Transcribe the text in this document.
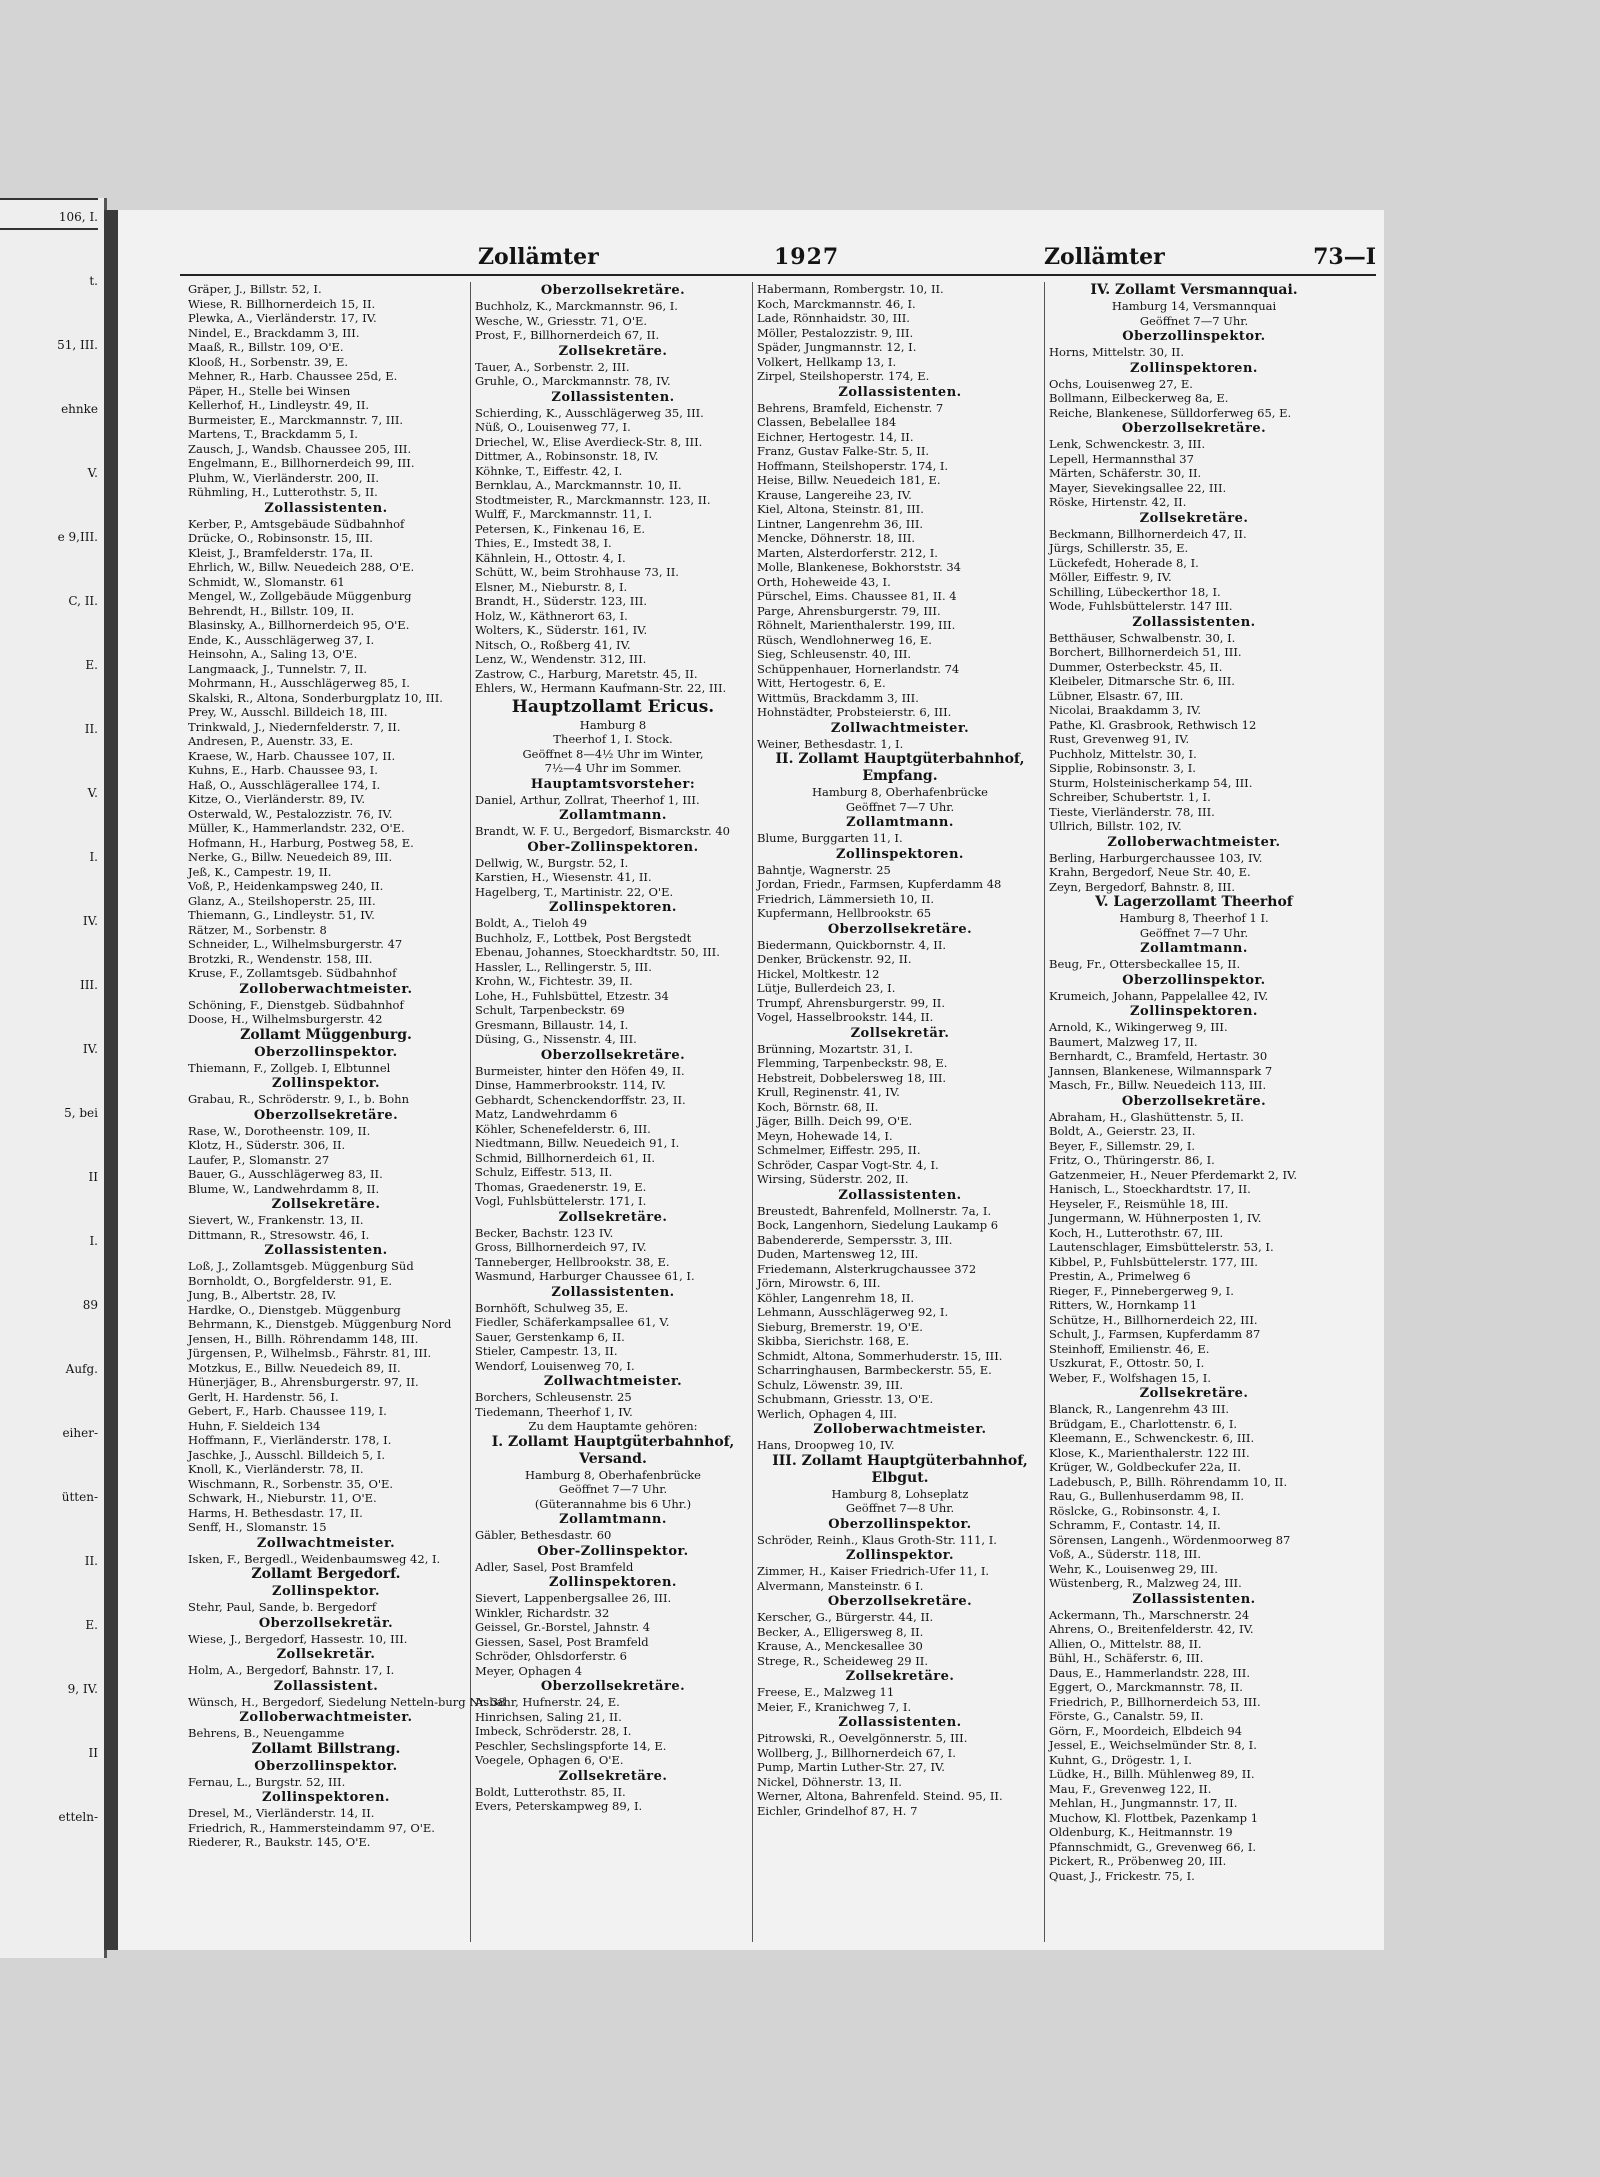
106, I.
t.
51, III.
ehnke
V.
e 9,III.
C, II.
E.
II.
V.
I.
IV.
III.
IV.
5, bei
II
I.
89
Aufg.
eiher-
ütten-
II.
E.
9, IV.
II
etteln-
Zollämter	1927	Zollämter	73—I
Gräper, J., Billstr. 52, I.
Wiese, R. Billhornerdeich 15, II.
Plewka, A., Vierländerstr. 17, IV.
Nindel, E., Brackdamm 3, III.
Maaß, R., Billstr. 109, O'E.
Klooß, H., Sorbenstr. 39, E.
Mehner, R., Harb. Chaussee 25d, E.
Päper, H., Stelle bei Winsen
Kellerhof, H., Lindleystr. 49, II.
Burmeister, E., Marckmannstr. 7, III.
Martens, T., Brackdamm 5, I.
Zausch, J., Wandsb. Chaussee 205, III.
Engelmann, E., Billhornerdeich 99, III.
Pluhm, W., Vierländerstr. 200, II.
Rühmling, H., Lutterothstr. 5, II.
Zollassistenten.
Kerber, P., Amtsgebäude Südbahnhof
Drücke, O., Robinsonstr. 15, III.
Kleist, J., Bramfelderstr. 17a, II.
Ehrlich, W., Billw. Neuedeich 288, O'E.
Schmidt, W., Slomanstr. 61
Mengel, W., Zollgebäude Müggenburg
Behrendt, H., Billstr. 109, II.
Blasinsky, A., Billhornerdeich 95, O'E.
Ende, K., Ausschlägerweg 37, I.
Heinsohn, A., Saling 13, O'E.
Langmaack, J., Tunnelstr. 7, II.
Mohrmann, H., Ausschlägerweg 85, I.
Skalski, R., Altona, Sonderburgplatz 10, III.
Prey, W., Ausschl. Billdeich 18, III.
Trinkwald, J., Niedernfelderstr. 7, II.
Andresen, P., Auenstr. 33, E.
Kraese, W., Harb. Chaussee 107, II.
Kuhns, E., Harb. Chaussee 93, I.
Haß, O., Ausschlägerallee 174, I.
Kitze, O., Vierländerstr. 89, IV.
Osterwald, W., Pestalozzistr. 76, IV.
Müller, K., Hammerlandstr. 232, O'E.
Hofmann, H., Harburg, Postweg 58, E.
Nerke, G., Billw. Neuedeich 89, III.
Jeß, K., Campestr. 19, II.
Voß, P., Heidenkampsweg 240, II.
Glanz, A., Steilshoperstr. 25, III.
Thiemann, G., Lindleystr. 51, IV.
Rätzer, M., Sorbenstr. 8
Schneider, L., Wilhelmsburgerstr. 47
Brotzki, R., Wendenstr. 158, III.
Kruse, F., Zollamtsgeb. Südbahnhof
Zolloberwachtmeister.
Schöning, F., Dienstgeb. Südbahnhof
Doose, H., Wilhelmsburgerstr. 42
Zollamt Müggenburg.
Oberzollinspektor.
Thiemann, F., Zollgeb. I, Elbtunnel
Zollinspektor.
Grabau, R., Schröderstr. 9, I., b. Bohn
Oberzollsekretäre.
Rase, W., Dorotheenstr. 109, II.
Klotz, H., Süderstr. 306, II.
Laufer, P., Slomanstr. 27
Bauer, G., Ausschlägerweg 83, II.
Blume, W., Landwehrdamm 8, II.
Zollsekretäre.
Sievert, W., Frankenstr. 13, II.
Dittmann, R., Stresowstr. 46, I.
Zollassistenten.
Loß, J., Zollamtsgeb. Müggenburg Süd
Bornholdt, O., Borgfelderstr. 91, E.
Jung, B., Albertstr. 28, IV.
Hardke, O., Dienstgeb. Müggenburg
Behrmann, K., Dienstgeb. Müggenburg Nord
Jensen, H., Billh. Röhrendamm 148, III.
Jürgensen, P., Wilhelmsb., Fährstr. 81, III.
Motzkus, E., Billw. Neuedeich 89, II.
Hünerjäger, B., Ahrensburgerstr. 97, II.
Gerlt, H. Hardenstr. 56, I.
Gebert, F., Harb. Chaussee 119, I.
Huhn, F. Sieldeich 134
Hoffmann, F., Vierländerstr. 178, I.
Jaschke, J., Ausschl. Billdeich 5, I.
Knoll, K., Vierländerstr. 78, II.
Wischmann, R., Sorbenstr. 35, O'E.
Schwark, H., Nieburstr. 11, O'E.
Harms, H. Bethesdastr. 17, II.
Senff, H., Slomanstr. 15
Zollwachtmeister.
Isken, F., Bergedl., Weidenbaumsweg 42, I.
Zollamt Bergedorf.
Zollinspektor.
Stehr, Paul, Sande, b. Bergedorf
Oberzollsekretär.
Wiese, J., Bergedorf, Hassestr. 10, III.
Zollsekretär.
Holm, A., Bergedorf, Bahnstr. 17, I.
Zollassistent.
Wünsch, H., Bergedorf, Siedelung Netteln-burg Nr. 38
Zolloberwachtmeister.
Behrens, B., Neuengamme
Zollamt Billstrang.
Oberzollinspektor.
Fernau, L., Burgstr. 52, III.
Zollinspektoren.
Dresel, M., Vierländerstr. 14, II.
Friedrich, R., Hammersteindamm 97, O'E.
Riederer, R., Baukstr. 145, O'E.
Oberzollsekretäre.
Buchholz, K., Marckmannstr. 96, I.
Wesche, W., Griesstr. 71, O'E.
Prost, F., Billhornerdeich 67, II.
Zollsekretäre.
Tauer, A., Sorbenstr. 2, III.
Gruhle, O., Marckmannstr. 78, IV.
Zollassistenten.
Schierding, K., Ausschlägerweg 35, III.
Nüß, O., Louisenweg 77, I.
Driechel, W., Elise Averdieck-Str. 8, III.
Dittmer, A., Robinsonstr. 18, IV.
Köhnke, T., Eiffestr. 42, I.
Bernklau, A., Marckmannstr. 10, II.
Stodtmeister, R., Marckmannstr. 123, II.
Wulff, F., Marckmannstr. 11, I.
Petersen, K., Finkenau 16, E.
Thies, E., Imstedt 38, I.
Kähnlein, H., Ottostr. 4, I.
Schütt, W., beim Strohhause 73, II.
Elsner, M., Nieburstr. 8, I.
Brandt, H., Süderstr. 123, III.
Holz, W., Käthnerort 63, I.
Wolters, K., Süderstr. 161, IV.
Nitsch, O., Roßberg 41, IV.
Lenz, W., Wendenstr. 312, III.
Zastrow, C., Harburg, Maretstr. 45, II.
Ehlers, W., Hermann Kaufmann-Str. 22, III.
Hauptzollamt Ericus.
Hamburg 8
Theerhof 1, I. Stock.
Geöffnet 8—4½ Uhr im Winter,
7½—4 Uhr im Sommer.
Hauptamtsvorsteher:
Daniel, Arthur, Zollrat, Theerhof 1, III.
Zollamtmann.
Brandt, W. F. U., Bergedorf, Bismarckstr. 40
Ober-Zollinspektoren.
Dellwig, W., Burgstr. 52, I.
Karstien, H., Wiesenstr. 41, II.
Hagelberg, T., Martinistr. 22, O'E.
Zollinspektoren.
Boldt, A., Tieloh 49
Buchholz, F., Lottbek, Post Bergstedt
Ebenau, Johannes, Stoeckhardtstr. 50, III.
Hassler, L., Rellingerstr. 5, III.
Krohn, W., Fichtestr. 39, II.
Lohe, H., Fuhlsbüttel, Etzestr. 34
Schult, Tarpenbeckstr. 69
Gresmann, Billaustr. 14, I.
Düsing, G., Nissenstr. 4, III.
Oberzollsekretäre.
Burmeister, hinter den Höfen 49, II.
Dinse, Hammerbrookstr. 114, IV.
Gebhardt, Schenckendorffstr. 23, II.
Matz, Landwehrdamm 6
Köhler, Schenefelderstr. 6, III.
Niedtmann, Billw. Neuedeich 91, I.
Schmid, Billhornerdeich 61, II.
Schulz, Eiffestr. 513, II.
Thomas, Graedenerstr. 19, E.
Vogl, Fuhlsbüttelerstr. 171, I.
Zollsekretäre.
Becker, Bachstr. 123 IV.
Gross, Billhornerdeich 97, IV.
Tanneberger, Hellbrookstr. 38, E.
Wasmund, Harburger Chaussee 61, I.
Zollassistenten.
Bornhöft, Schulweg 35, E.
Fiedler, Schäferkampsallee 61, V.
Sauer, Gerstenkamp 6, II.
Stieler, Campestr. 13, II.
Wendorf, Louisenweg 70, I.
Zollwachtmeister.
Borchers, Schleusenstr. 25
Tiedemann, Theerhof 1, IV.
Zu dem Hauptamte gehören:
I. Zollamt Hauptgüterbahnhof, Versand.
Hamburg 8, Oberhafenbrücke
Geöffnet 7—7 Uhr.
(Güterannahme bis 6 Uhr.)
Zollamtmann.
Gäbler, Bethesdastr. 60
Ober-Zollinspektor.
Adler, Sasel, Post Bramfeld
Zollinspektoren.
Sievert, Lappenbergsallee 26, III.
Winkler, Richardstr. 32
Geissel, Gr.-Borstel, Jahnstr. 4
Giessen, Sasel, Post Bramfeld
Schröder, Ohlsdorferstr. 6
Meyer, Ophagen 4
Oberzollsekretäre.
Asbahr, Hufnerstr. 24, E.
Hinrichsen, Saling 21, II.
Imbeck, Schröderstr. 28, I.
Peschler, Sechslingspforte 14, E.
Voegele, Ophagen 6, O'E.
Zollsekretäre.
Boldt, Lutterothstr. 85, II.
Evers, Peterskampweg 89, I.
Habermann, Rombergstr. 10, II.
Koch, Marckmannstr. 46, I.
Lade, Rönnhaidstr. 30, III.
Möller, Pestalozzistr. 9, III.
Späder, Jungmannstr. 12, I.
Volkert, Hellkamp 13, I.
Zirpel, Steilshoperstr. 174, E.
Zollassistenten.
Behrens, Bramfeld, Eichenstr. 7
Classen, Bebelallee 184
Eichner, Hertogestr. 14, II.
Franz, Gustav Falke-Str. 5, II.
Hoffmann, Steilshoperstr. 174, I.
Heise, Billw. Neuedeich 181, E.
Krause, Langereihe 23, IV.
Kiel, Altona, Steinstr. 81, III.
Lintner, Langenrehm 36, III.
Mencke, Döhnerstr. 18, III.
Marten, Alsterdorferstr. 212, I.
Molle, Blankenese, Bokhorststr. 34
Orth, Hoheweide 43, I.
Pürschel, Eims. Chaussee 81, II. 4
Parge, Ahrensburgerstr. 79, III.
Röhnelt, Marienthalerstr. 199, III.
Rüsch, Wendlohnerweg 16, E.
Sieg, Schleusenstr. 40, III.
Schüppenhauer, Hornerlandstr. 74
Witt, Hertogestr. 6, E.
Wittmüs, Brackdamm 3, III.
Hohnstädter, Probsteierstr. 6, III.
Zollwachtmeister.
Weiner, Bethesdastr. 1, I.
II. Zollamt Hauptgüterbahnhof, Empfang.
Hamburg 8, Oberhafenbrücke
Geöffnet 7—7 Uhr.
Zollamtmann.
Blume, Burggarten 11, I.
Zollinspektoren.
Bahntje, Wagnerstr. 25
Jordan, Friedr., Farmsen, Kupferdamm 48
Friedrich, Lämmersieth 10, II.
Kupfermann, Hellbrookstr. 65
Oberzollsekretäre.
Biedermann, Quickbornstr. 4, II.
Denker, Brückenstr. 92, II.
Hickel, Moltkestr. 12
Lütje, Bullerdeich 23, I.
Trumpf, Ahrensburgerstr. 99, II.
Vogel, Hasselbrookstr. 144, II.
Zollsekretär.
Brünning, Mozartstr. 31, I.
Flemming, Tarpenbeckstr. 98, E.
Hebstreit, Dobbelersweg 18, III.
Krull, Reginenstr. 41, IV.
Koch, Börnstr. 68, II.
Jäger, Billh. Deich 99, O'E.
Meyn, Hohewade 14, I.
Schmelmer, Eiffestr. 295, II.
Schröder, Caspar Vogt-Str. 4, I.
Wirsing, Süderstr. 202, II.
Zollassistenten.
Breustedt, Bahrenfeld, Mollnerstr. 7a, I.
Bock, Langenhorn, Siedelung Laukamp 6
Babendererde, Sempersstr. 3, III.
Duden, Martensweg 12, III.
Friedemann, Alsterkrugchaussee 372
Jörn, Mirowstr. 6, III.
Köhler, Langenrehm 18, II.
Lehmann, Ausschlägerweg 92, I.
Sieburg, Bremerstr. 19, O'E.
Skibba, Sierichstr. 168, E.
Schmidt, Altona, Sommerhuderstr. 15, III.
Scharringhausen, Barmbeckerstr. 55, E.
Schulz, Löwenstr. 39, III.
Schubmann, Griesstr. 13, O'E.
Werlich, Ophagen 4, III.
Zolloberwachtmeister.
Hans, Droopweg 10, IV.
III. Zollamt Hauptgüterbahnhof, Elbgut.
Hamburg 8, Lohseplatz
Geöffnet 7—8 Uhr.
Oberzollinspektor.
Schröder, Reinh., Klaus Groth-Str. 111, I.
Zollinspektor.
Zimmer, H., Kaiser Friedrich-Ufer 11, I.
Alvermann, Mansteinstr. 6 I.
Oberzollsekretäre.
Kerscher, G., Bürgerstr. 44, II.
Becker, A., Elligersweg 8, II.
Krause, A., Menckesallee 30
Strege, R., Scheideweg 29 II.
Zollsekretäre.
Freese, E., Malzweg 11
Meier, F., Kranichweg 7, I.
Zollassistenten.
Pitrowski, R., Oevelgönnerstr. 5, III.
Wollberg, J., Billhornerdeich 67, I.
Pump, Martin Luther-Str. 27, IV.
Nickel, Döhnerstr. 13, II.
Werner, Altona, Bahrenfeld. Steind. 95, II.
Eichler, Grindelhof 87, H. 7
IV. Zollamt Versmannquai.
Hamburg 14, Versmannquai
Geöffnet 7—7 Uhr.
Oberzollinspektor.
Horns, Mittelstr. 30, II.
Zollinspektoren.
Ochs, Louisenweg 27, E.
Bollmann, Eilbeckerweg 8a, E.
Reiche, Blankenese, Sülldorferweg 65, E.
Oberzollsekretäre.
Lenk, Schwenckestr. 3, III.
Lepell, Hermannsthal 37
Märten, Schäferstr. 30, II.
Mayer, Sievekingsallee 22, III.
Röske, Hirtenstr. 42, II.
Zollsekretäre.
Beckmann, Billhornerdeich 47, II.
Jürgs, Schillerstr. 35, E.
Lückefedt, Hoherade 8, I.
Möller, Eiffestr. 9, IV.
Schilling, Lübeckerthor 18, I.
Wode, Fuhlsbüttelerstr. 147 III.
Zollassistenten.
Betthäuser, Schwalbenstr. 30, I.
Borchert, Billhornerdeich 51, III.
Dummer, Osterbeckstr. 45, II.
Kleibeler, Ditmarsche Str. 6, III.
Lübner, Elsastr. 67, III.
Nicolai, Braakdamm 3, IV.
Pathe, Kl. Grasbrook, Rethwisch 12
Rust, Grevenweg 91, IV.
Puchholz, Mittelstr. 30, I.
Sipplie, Robinsonstr. 3, I.
Sturm, Holsteinischerkamp 54, III.
Schreiber, Schubertstr. 1, I.
Tieste, Vierländerstr. 78, III.
Ullrich, Billstr. 102, IV.
Zolloberwachtmeister.
Berling, Harburgerchaussee 103, IV.
Krahn, Bergedorf, Neue Str. 40, E.
Zeyn, Bergedorf, Bahnstr. 8, III.
V. Lagerzollamt Theerhof
Hamburg 8, Theerhof 1 I.
Geöffnet 7—7 Uhr.
Zollamtmann.
Beug, Fr., Ottersbeckallee 15, II.
Oberzollinspektor.
Krumeich, Johann, Pappelallee 42, IV.
Zollinspektoren.
Arnold, K., Wikingerweg 9, III.
Baumert, Malzweg 17, II.
Bernhardt, C., Bramfeld, Hertastr. 30
Jannsen, Blankenese, Wilmannspark 7
Masch, Fr., Billw. Neuedeich 113, III.
Oberzollsekretäre.
Abraham, H., Glashüttenstr. 5, II.
Boldt, A., Geierstr. 23, II.
Beyer, F., Sillemstr. 29, I.
Fritz, O., Thüringerstr. 86, I.
Gatzenmeier, H., Neuer Pferdemarkt 2, IV.
Hanisch, L., Stoeckhardtstr. 17, II.
Heyseler, F., Reismühle 18, III.
Jungermann, W. Hühnerposten 1, IV.
Koch, H., Lutterothstr. 67, III.
Lautenschlager, Eimsbüttelerstr. 53, I.
Kibbel, P., Fuhlsbüttelerstr. 177, III.
Prestin, A., Primelweg 6
Rieger, F., Pinnebergerweg 9, I.
Ritters, W., Hornkamp 11
Schütze, H., Billhornerdeich 22, III.
Schult, J., Farmsen, Kupferdamm 87
Steinhoff, Emilienstr. 46, E.
Uszkurat, F., Ottostr. 50, I.
Weber, F., Wolfshagen 15, I.
Zollsekretäre.
Blanck, R., Langenrehm 43 III.
Brüdgam, E., Charlottenstr. 6, I.
Kleemann, E., Schwenckestr. 6, III.
Klose, K., Marienthalerstr. 122 III.
Krüger, W., Goldbeckufer 22a, II.
Ladebusch, P., Billh. Röhrendamm 10, II.
Rau, G., Bullenhuserdamm 98, II.
Röslcke, G., Robinsonstr. 4, I.
Schramm, F., Contastr. 14, II.
Sörensen, Langenh., Wördenmoorweg 87
Voß, A., Süderstr. 118, III.
Wehr, K., Louisenweg 29, III.
Wüstenberg, R., Malzweg 24, III.
Zollassistenten.
Ackermann, Th., Marschnerstr. 24
Ahrens, O., Breitenfelderstr. 42, IV.
Allien, O., Mittelstr. 88, II.
Bühl, H., Schäferstr. 6, III.
Daus, E., Hammerlandstr. 228, III.
Eggert, O., Marckmannstr. 78, II.
Friedrich, P., Billhornerdeich 53, III.
Förste, G., Canalstr. 59, II.
Görn, F., Moordeich, Elbdeich 94
Jessel, E., Weichselmünder Str. 8, I.
Kuhnt, G., Drögestr. 1, I.
Lüdke, H., Billh. Mühlenweg 89, II.
Mau, F., Grevenweg 122, II.
Mehlan, H., Jungmannstr. 17, II.
Muchow, Kl. Flottbek, Pazenkamp 1
Oldenburg, K., Heitmannstr. 19
Pfannschmidt, G., Grevenweg 66, I.
Pickert, R., Pröbenweg 20, III.
Quast, J., Frickestr. 75, I.
